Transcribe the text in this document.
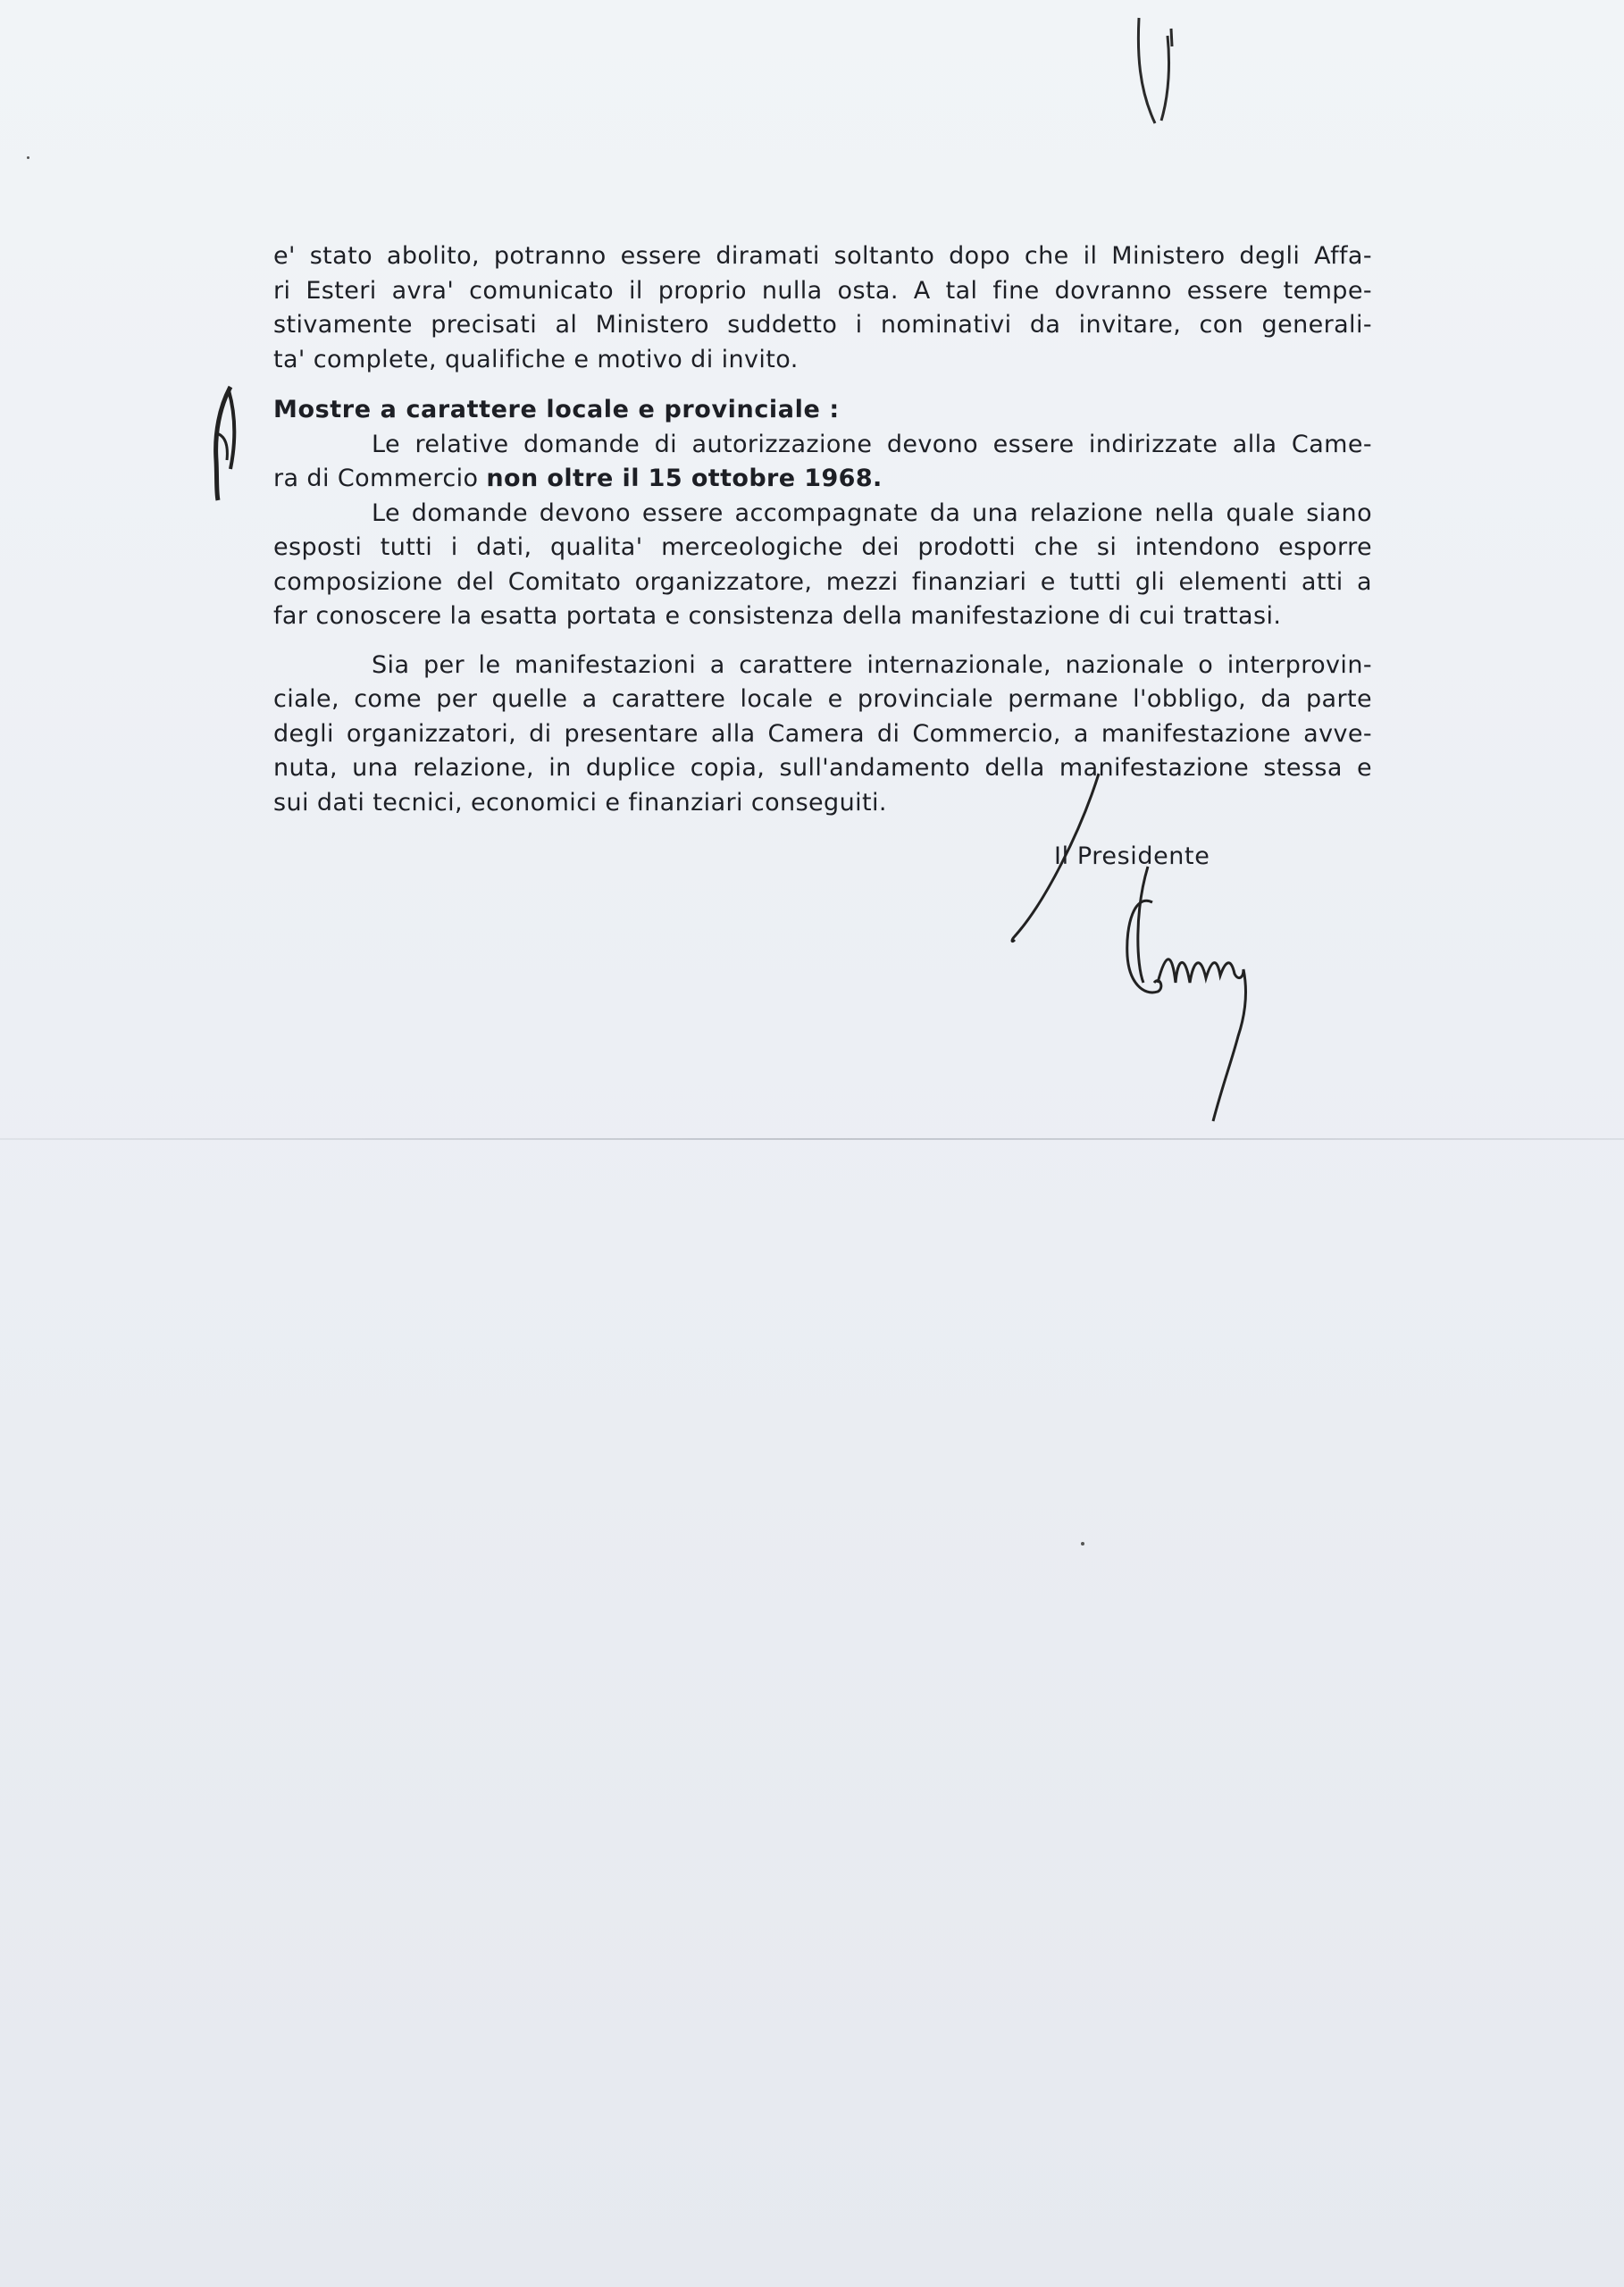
e' stato abolito, potranno essere diramati soltanto dopo che il Ministero degli Affa-
ri Esteri avra' comunicato il proprio nulla osta. A tal fine dovranno essere tempe-
stivamente precisati al Ministero suddetto i nominativi da invitare, con generali-
ta' complete, qualifiche e motivo di invito.
Mostre a carattere locale e provinciale :
Le relative domande di autorizzazione devono essere indirizzate alla Came-
ra di Commercio non oltre il 15 ottobre 1968.
Le domande devono essere accompagnate da una relazione nella quale siano
esposti tutti i dati, qualita' merceologiche dei prodotti che si intendono esporre
composizione del Comitato organizzatore, mezzi finanziari e tutti gli elementi atti a
far conoscere la esatta portata e consistenza della manifestazione di cui trattasi.
Sia per le manifestazioni a carattere internazionale, nazionale o interprovin-
ciale, come per quelle a carattere locale e provinciale permane l'obbligo, da parte
degli organizzatori, di presentare alla Camera di Commercio, a manifestazione avve-
nuta, una relazione, in duplice copia, sull'andamento della manifestazione stessa e
sui dati tecnici, economici e finanziari conseguiti.
Il Presidente
